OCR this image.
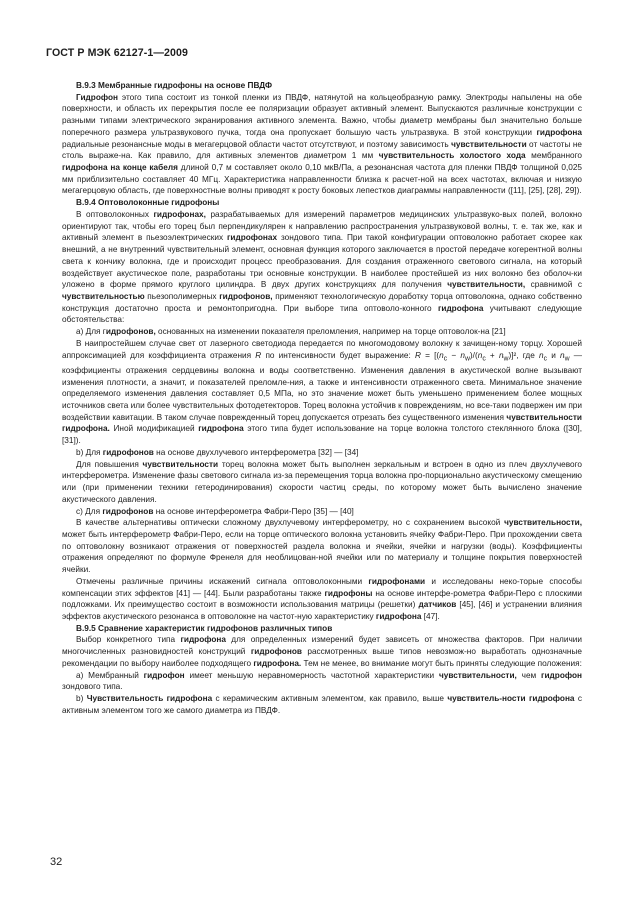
ГОСТ Р МЭК 62127-1—2009

В.9.3 Мембранные гидрофоны на основе ПВДФ

Гидрофон этого типа состоит из тонкой пленки из ПВДФ, натянутой на кольцеобразную рамку. Электроды напылены на обе поверхности, и область их перекрытия после ее поляризации образует активный элемент. Выпускаются различные конструкции с разными типами электрического экранирования активного элемента. Важно, чтобы диаметр мембраны был значительно больше поперечного размера ультразвукового пучка, тогда она пропускает большую часть ультразвука. В этой конструкции гидрофона радиальные резонансные моды в мегагерцовой области частот отсутствуют, и поэтому зависимость чувствительности от частоты не столь выраже-на. Как правило, для активных элементов диаметром 1 мм чувствительность холостого хода мембранного гидрофона на конце кабеля длиной 0,7 м составляет около 0,10 мкВ/Па, а резонансная частота для пленки ПВДФ толщиной 0,025 мм приблизительно составляет 40 МГц. Характеристика направленности близка к расчет-ной на всех частотах, включая и низкую мегагерцовую область, где поверхностные волны приводят к росту боковых лепестков диаграммы направленности ([11], [25], [28], 29]).

В.9.4 Оптоволоконные гидрофоны

В оптоволоконных гидрофонах, разрабатываемых для измерений параметров медицинских ультразвуко-вых полей, волокно ориентируют так, чтобы его торец был перпендикулярен к направлению распространения ультразвуковой волны, т. е. так же, как и активный элемент в пьезоэлектрических гидрофонах зондового типа. При такой конфигурации оптоволокно работает скорее как внешний, а не внутренний чувствительный элемент, основная функция которого заключается в простой передаче когерентной волны света к кончику волокна, где и происходит процесс преобразования. Для создания отраженного светового сигнала, на который воздействует акустическое поле, разработаны три основные конструкции. В наиболее простейшей из них волокно без оболоч-ки уложено в форме прямого круглого цилиндра. В двух других конструкциях для получения чувствительности, сравнимой с чувствительностью пьезополимерных гидрофонов, применяют технологическую доработку торца оптоволокна, однако собственно конструкция достаточно проста и ремонтопригодна. При выборе типа оптоволо-конного гидрофона учитывают следующие обстоятельства:

a) Для гидрофонов, основанных на изменении показателя преломления, например на торце оптоволок-на [21]

В наипростейшем случае свет от лазерного светодиода передается по многомодовому волокну к зачищен-ному торцу. Хорошей аппроксимацией для коэффициента отражения R по интенсивности будет выражение: $R = [(n_c - n_w)/(n_c + n_w)]^2$, где $n_c$ и $n_w$ — коэффициенты отражения сердцевины волокна и воды соответственно. Изменения давления в акустической волне вызывают изменения плотности, а значит, и показателей преломле-ния, а также и интенсивности отраженного света. Минимальное значение определяемого изменения давления составляет 0,5 МПа, но это значение может быть уменьшено применением более мощных источников света или более чувствительных фотодетекторов. Торец волокна устойчив к повреждениям, но все-таки подвержен им при воздействии кавитации. В таком случае поврежденный торец допускается отрезать без существенного изменения чувствительности гидрофона. Иной модификацией гидрофона этого типа будет использование на торце волокна толстого стеклянного блока ([30], [31]).

b) Для гидрофонов на основе двухлучевого интерферометра [32] — [34]

Для повышения чувствительности торец волокна может быть выполнен зеркальным и встроен в одно из плеч двухлучевого интерферометра. Изменение фазы светового сигнала из-за перемещения торца волокна про-порционально акустическому смещению или (при применении техники гетеродинирования) скорости частиц среды, по которому может быть вычислено значение акустического давления.

c) Для гидрофонов на основе интерферометра Фабри-Перо [35] — [40]

В качестве альтернативы оптически сложному двухлучевому интерферометру, но с сохранением высокой чувствительности, может быть интерферометр Фабри-Перо, если на торце оптического волокна установить ячейку Фабри-Перо. При прохождении света по оптоволокну возникают отражения от поверхностей раздела волокна и ячейки, ячейки и нагрузки (воды). Коэффициенты отражения определяют по формуле Френеля для необлицован-ной ячейки или по материалу и толщине покрытия поверхностей ячейки.

Отмечены различные причины искажений сигнала оптоволоконными гидрофонами и исследованы неко-торые способы компенсации этих эффектов [41] — [44]. Были разработаны также гидрофоны на основе интерфе-рометра Фабри-Перо с плоскими подложками. Их преимущество состоит в возможности использования матрицы (решетки) датчиков [45], [46] и устранении влияния эффектов акустического резонанса в оптоволокне на частот-ную характеристику гидрофона [47].

В.9.5 Сравнение характеристик гидрофонов различных типов

Выбор конкретного типа гидрофона для определенных измерений будет зависеть от множества факторов. При наличии многочисленных разновидностей конструкций гидрофонов рассмотренных выше типов невозмож-но выработать однозначные рекомендации по выбору наиболее подходящего гидрофона. Тем не менее, во внимание могут быть приняты следующие положения:

а) Мембранный гидрофон имеет меньшую неравномерность частотной характеристики чувствительности, чем гидрофон зондового типа.

b) Чувствительность гидрофона с керамическим активным элементом, как правило, выше чувствитель-ности гидрофона с активным элементом того же самого диаметра из ПВДФ.

32
